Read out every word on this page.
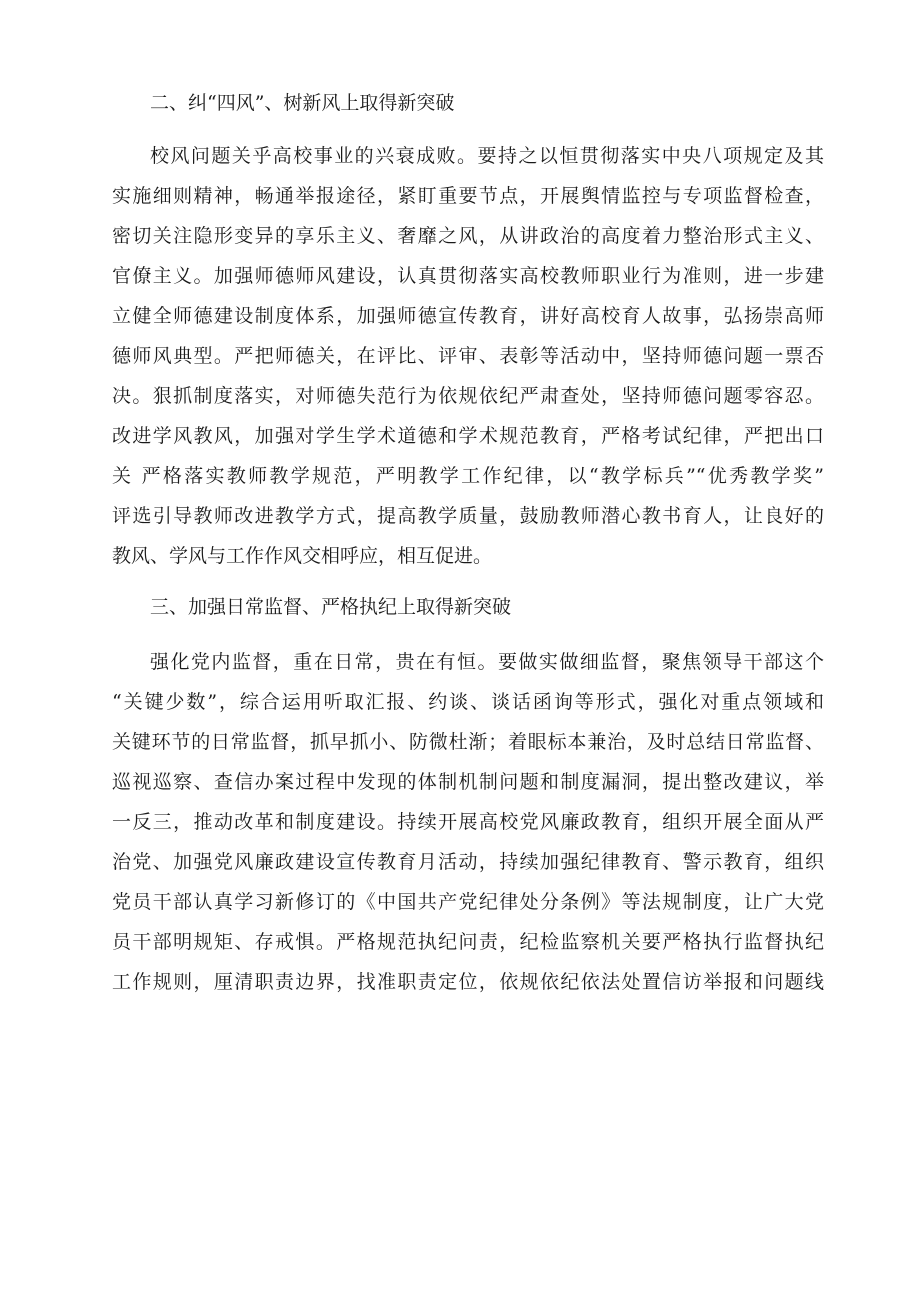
二、纠“四风”、树新风上取得新突破
校风问题关乎高校事业的兴衰成败。要持之以恒贯彻落实中央八项规定及其
实施细则精神，畅通举报途径，紧盯重要节点，开展舆情监控与专项监督检查，
密切关注隐形变异的享乐主义、奢靡之风，从讲政治的高度着力整治形式主义、
官僚主义。加强师德师风建设，认真贯彻落实高校教师职业行为准则，进一步建
立健全师德建设制度体系，加强师德宣传教育，讲好高校育人故事，弘扬崇高师
德师风典型。严把师德关，在评比、评审、表彰等活动中，坚持师德问题一票否
决。狠抓制度落实，对师德失范行为依规依纪严肃查处，坚持师德问题零容忍。
改进学风教风，加强对学生学术道德和学术规范教育，严格考试纪律，严把出口
关 严格落实教师教学规范，严明教学工作纪律，以“教学标兵”“优秀教学奖”
评选引导教师改进教学方式，提高教学质量，鼓励教师潜心教书育人，让良好的
教风、学风与工作作风交相呼应，相互促进。
三、加强日常监督、严格执纪上取得新突破
强化党内监督，重在日常，贵在有恒。要做实做细监督，聚焦领导干部这个
“关键少数”，综合运用听取汇报、约谈、谈话函询等形式，强化对重点领域和
关键环节的日常监督，抓早抓小、防微杜渐；着眼标本兼治，及时总结日常监督、
巡视巡察、查信办案过程中发现的体制机制问题和制度漏洞，提出整改建议，举
一反三，推动改革和制度建设。持续开展高校党风廉政教育，组织开展全面从严
治党、加强党风廉政建设宣传教育月活动，持续加强纪律教育、警示教育，组织
党员干部认真学习新修订的《中国共产党纪律处分条例》等法规制度，让广大党
员干部明规矩、存戒惧。严格规范执纪问责，纪检监察机关要严格执行监督执纪
工作规则，厘清职责边界，找准职责定位，依规依纪依法处置信访举报和问题线
